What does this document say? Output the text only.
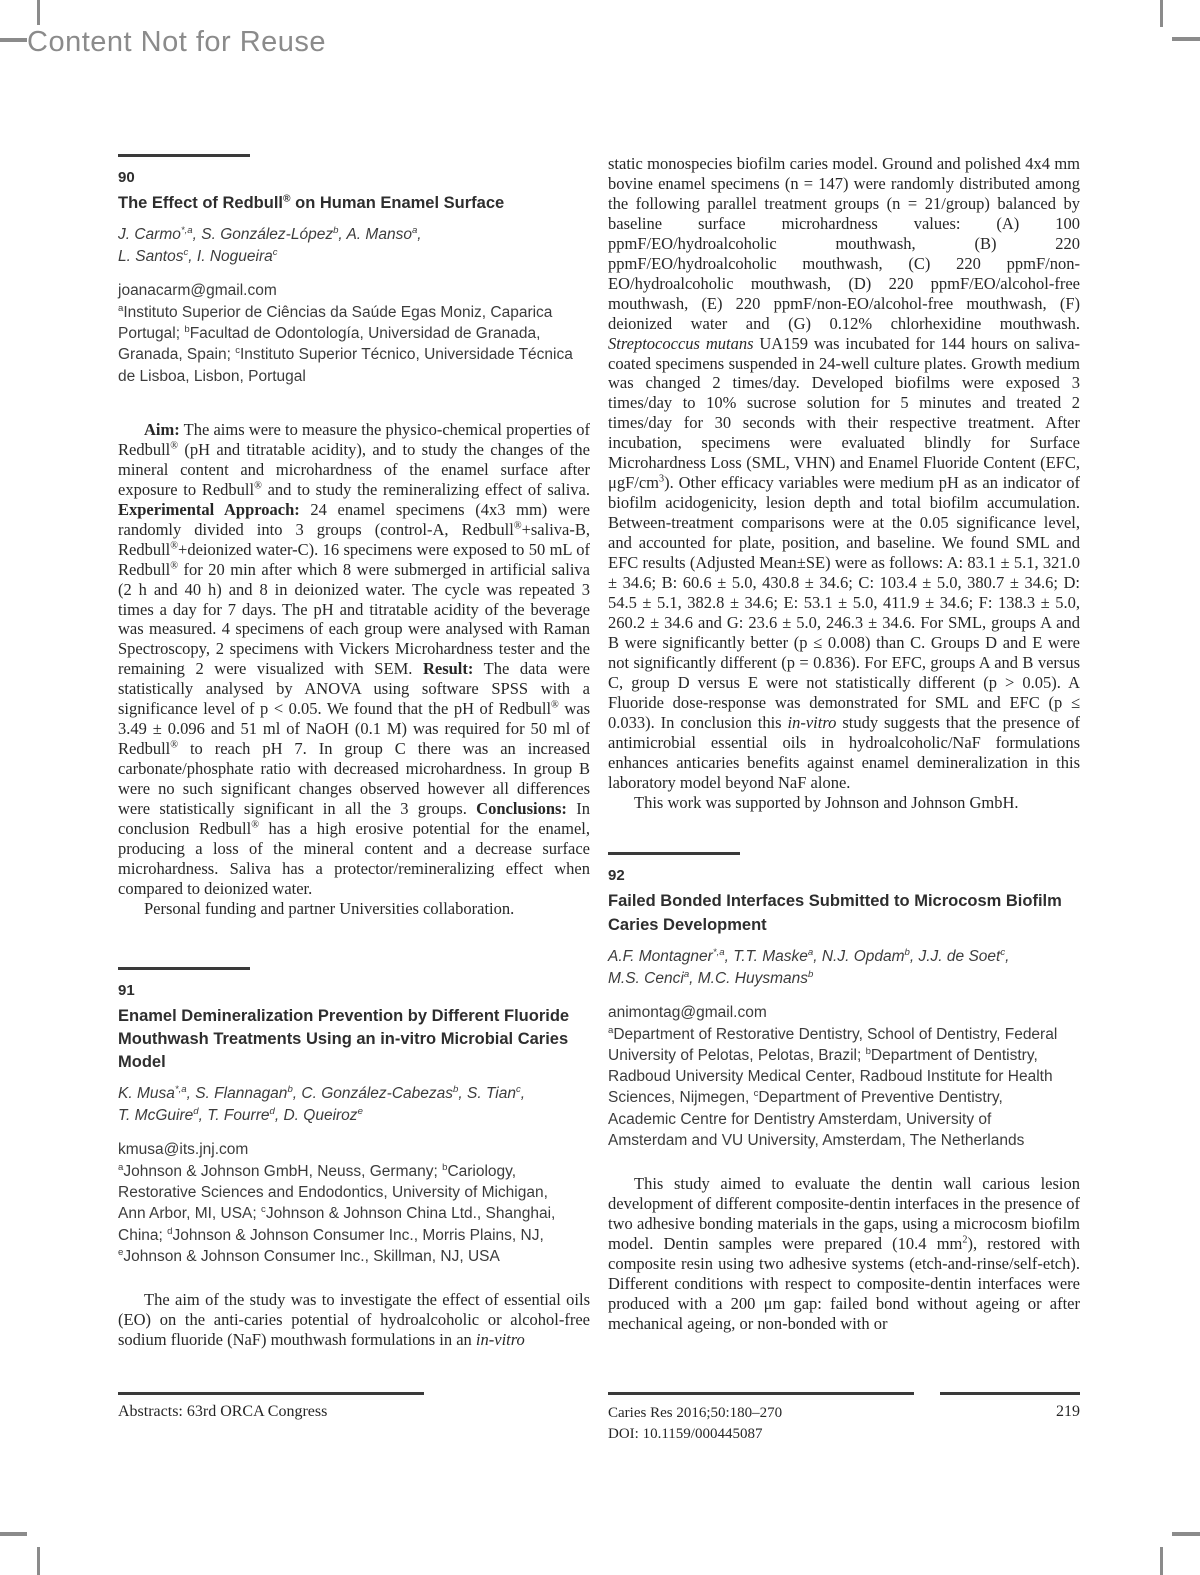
Content Not for Reuse
90
The Effect of Redbull® on Human Enamel Surface
J. Carmo$^{*,a}$, S. González-López$^b$, A. Manso$^a$,
L. Santos$^c$, I. Nogueira$^c$
joanacarm@gmail.com
$^a$Instituto Superior de Ciências da Saúde Egas Moniz, Caparica Portugal; $^b$Facultad de Odontología, Universidad de Granada, Granada, Spain; $^c$Instituto Superior Técnico, Universidade Técnica de Lisboa, Lisbon, Portugal

Aim: The aims were to measure the physico-chemical properties of Redbull® (pH and titratable acidity), and to study the changes of the mineral content and microhardness of the enamel surface after exposure to Redbull® and to study the remineralizing effect of saliva. Experimental Approach: 24 enamel specimens (4x3 mm) were randomly divided into 3 groups (control-A, Redbull®+saliva-B, Redbull®+deionized water-C). 16 specimens were exposed to 50 mL of Redbull® for 20 min after which 8 were submerged in artificial saliva (2 h and 40 h) and 8 in deionized water. The cycle was repeated 3 times a day for 7 days. The pH and titratable acidity of the beverage was measured. 4 specimens of each group were analysed with Raman Spectroscopy, 2 specimens with Vickers Microhardness tester and the remaining 2 were visualized with SEM. Result: The data were statistically analysed by ANOVA using software SPSS with a significance level of p < 0.05. We found that the pH of Redbull® was 3.49 ± 0.096 and 51 ml of NaOH (0.1 M) was required for 50 ml of Redbull® to reach pH 7. In group C there was an increased carbonate/phosphate ratio with decreased microhardness. In group B were no such significant changes observed however all differences were statistically significant in all the 3 groups. Conclusions: In conclusion Redbull® has a high erosive potential for the enamel, producing a loss of the mineral content and a decrease surface microhardness. Saliva has a protector/remineralizing effect when compared to deionized water.

Personal funding and partner Universities collaboration.

91
Enamel Demineralization Prevention by Different Fluoride Mouthwash Treatments Using an in-vitro Microbial Caries Model
K. Musa$^{*,a}$, S. Flannagan$^b$, C. González-Cabezas$^b$, S. Tian$^c$,
T. McGuire$^d$, T. Fourre$^d$, D. Queiroz$^e$
kmusa@its.jnj.com
$^a$Johnson & Johnson GmbH, Neuss, Germany; $^b$Cariology, Restorative Sciences and Endodontics, University of Michigan, Ann Arbor, MI, USA; $^c$Johnson & Johnson China Ltd., Shanghai, China; $^d$Johnson & Johnson Consumer Inc., Morris Plains, NJ, $^e$Johnson & Johnson Consumer Inc., Skillman, NJ, USA

The aim of the study was to investigate the effect of essential oils (EO) on the anti-caries potential of hydroalcoholic or alcohol-free sodium fluoride (NaF) mouthwash formulations in an in-vitro

static monospecies biofilm caries model. Ground and polished 4x4 mm bovine enamel specimens (n = 147) were randomly distributed among the following parallel treatment groups (n = 21/group) balanced by baseline surface microhardness values: (A) 100 ppmF/EO/hydroalcoholic mouthwash, (B) 220 ppmF/EO/hydroalcoholic mouthwash, (C) 220 ppmF/non-EO/hydroalcoholic mouthwash, (D) 220 ppmF/EO/alcohol-free mouthwash, (E) 220 ppmF/non-EO/alcohol-free mouthwash, (F) deionized water and (G) 0.12% chlorhexidine mouthwash. Streptococcus mutans UA159 was incubated for 144 hours on saliva-coated specimens suspended in 24-well culture plates. Growth medium was changed 2 times/day. Developed biofilms were exposed 3 times/day to 10% sucrose solution for 5 minutes and treated 2 times/day for 30 seconds with their respective treatment. After incubation, specimens were evaluated blindly for Surface Microhardness Loss (SML, VHN) and Enamel Fluoride Content (EFC, μgF/$cm^3$). Other efficacy variables were medium pH as an indicator of biofilm acidogenicity, lesion depth and total biofilm accumulation. Between-treatment comparisons were at the 0.05 significance level, and accounted for plate, position, and baseline. We found SML and EFC results (Adjusted Mean±SE) were as follows: A: 83.1 ± 5.1, 321.0 ± 34.6; B: 60.6 ± 5.0, 430.8 ± 34.6; C: 103.4 ± 5.0, 380.7 ± 34.6; D: 54.5 ± 5.1, 382.8 ± 34.6; E: 53.1 ± 5.0, 411.9 ± 34.6; F: 138.3 ± 5.0, 260.2 ± 34.6 and G: 23.6 ± 5.0, 246.3 ± 34.6. For SML, groups A and B were significantly better (p ≤ 0.008) than C. Groups D and E were not significantly different (p = 0.836). For EFC, groups A and B versus C, group D versus E were not statistically different (p > 0.05). A Fluoride dose-response was demonstrated for SML and EFC (p ≤ 0.033). In conclusion this in-vitro study suggests that the presence of antimicrobial essential oils in hydroalcoholic/NaF formulations enhances anticaries benefits against enamel demineralization in this laboratory model beyond NaF alone.

This work was supported by Johnson and Johnson GmbH.

92
Failed Bonded Interfaces Submitted to Microcosm Biofilm Caries Development
A.F. Montagner$^{*,a}$, T.T. Maske$^a$, N.J. Opdam$^b$, J.J. de Soet$^c$,
M.S. Cenci$^a$, M.C. Huysmans$^b$
animontag@gmail.com
$^a$Department of Restorative Dentistry, School of Dentistry, Federal University of Pelotas, Pelotas, Brazil; $^b$Department of Dentistry, Radboud University Medical Center, Radboud Institute for Health Sciences, Nijmegen, $^c$Department of Preventive Dentistry, Academic Centre for Dentistry Amsterdam, University of Amsterdam and VU University, Amsterdam, The Netherlands

This study aimed to evaluate the dentin wall carious lesion development of different composite-dentin interfaces in the presence of two adhesive bonding materials in the gaps, using a microcosm biofilm model. Dentin samples were prepared (10.4 $mm^2$), restored with composite resin using two adhesive systems (etch-and-rinse/self-etch). Different conditions with respect to composite-dentin interfaces were produced with a 200 μm gap: failed bond without ageing or after mechanical ageing, or non-bonded with or

Abstracts: 63rd ORCA Congress	Caries Res 2016;50:180–270

DOI: 10.1159/000445087

219
